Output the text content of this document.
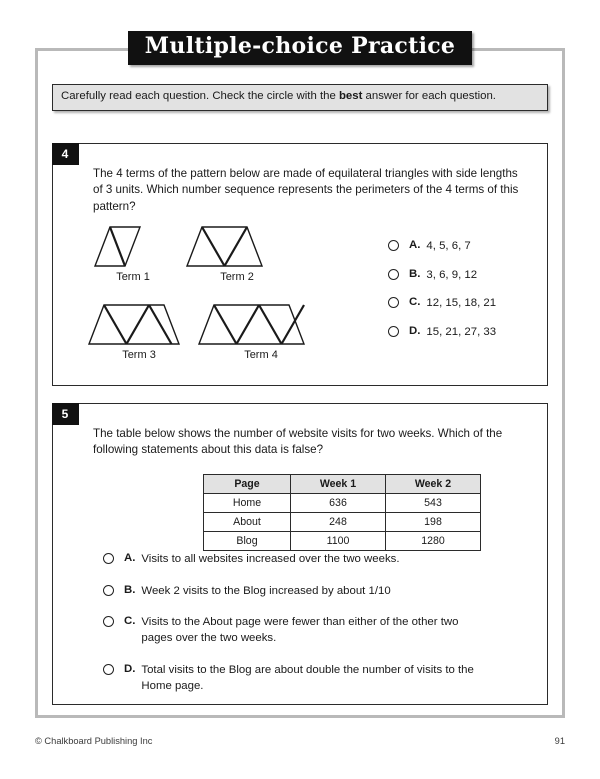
Multiple-choice Practice
Carefully read each question. Check the circle with the best answer for each question.
4
The 4 terms of the pattern below are made of equilateral triangles with side lengths of 3 units. Which number sequence represents the perimeters of the 4 terms of this pattern?
Term 1	Term 2
Term 3	Term 4
A. 4, 5, 6, 7
B. 3, 6, 9, 12
C. 12, 15, 18, 21
D. 15, 21, 27, 33
5
The table below shows the number of website visits for two weeks. Which of the following statements about this data is false?
Page	Week 1	Week 2
Home	636	543
About	248	198
Blog	1100	1280
A. Visits to all websites increased over the two weeks.
B. Week 2 visits to the Blog increased by about 1/10
C. Visits to the About page were fewer than either of the other two pages over the two weeks.
D. Total visits to the Blog are about double the number of visits to the Home page.
© Chalkboard Publishing Inc	91
